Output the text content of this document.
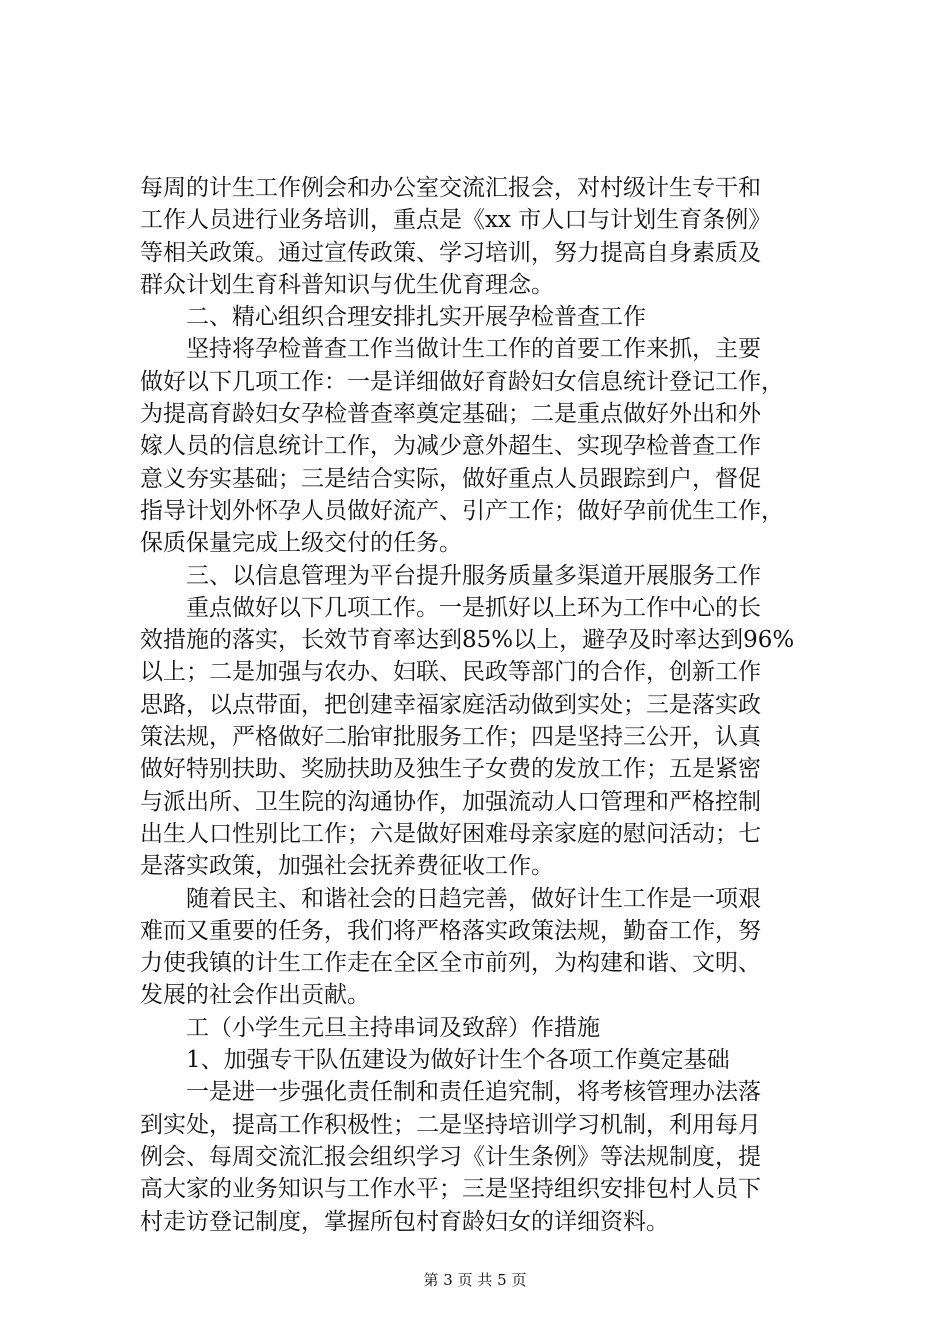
每周的计生工作例会和办公室交流汇报会，对村级计生专干和
工作人员进行业务培训，重点是《xx 市人口与计划生育条例》
等相关政策。通过宣传政策、学习培训，努力提高自身素质及
群众计划生育科普知识与优生优育理念。
二、精心组织合理安排扎实开展孕检普查工作
坚持将孕检普查工作当做计生工作的首要工作来抓，主要
做好以下几项工作：一是详细做好育龄妇女信息统计登记工作，
为提高育龄妇女孕检普查率奠定基础；二是重点做好外出和外
嫁人员的信息统计工作，为减少意外超生、实现孕检普查工作
意义夯实基础；三是结合实际，做好重点人员跟踪到户，督促
指导计划外怀孕人员做好流产、引产工作；做好孕前优生工作，
保质保量完成上级交付的任务。
三、以信息管理为平台提升服务质量多渠道开展服务工作
重点做好以下几项工作。一是抓好以上环为工作中心的长
效措施的落实，长效节育率达到85%以上，避孕及时率达到96%
以上；二是加强与农办、妇联、民政等部门的合作，创新工作
思路，以点带面，把创建幸福家庭活动做到实处；三是落实政
策法规，严格做好二胎审批服务工作；四是坚持三公开，认真
做好特别扶助、奖励扶助及独生子女费的发放工作；五是紧密
与派出所、卫生院的沟通协作，加强流动人口管理和严格控制
出生人口性别比工作；六是做好困难母亲家庭的慰问活动；七
是落实政策，加强社会抚养费征收工作。
随着民主、和谐社会的日趋完善，做好计生工作是一项艰
难而又重要的任务，我们将严格落实政策法规，勤奋工作，努
力使我镇的计生工作走在全区全市前列，为构建和谐、文明、
发展的社会作出贡献。
工（小学生元旦主持串词及致辞）作措施
1、加强专干队伍建设为做好计生个各项工作奠定基础
一是进一步强化责任制和责任追究制，将考核管理办法落
到实处，提高工作积极性；二是坚持培训学习机制，利用每月
例会、每周交流汇报会组织学习《计生条例》等法规制度，提
高大家的业务知识与工作水平；三是坚持组织安排包村人员下
村走访登记制度，掌握所包村育龄妇女的详细资料。
第 3 页 共 5 页
